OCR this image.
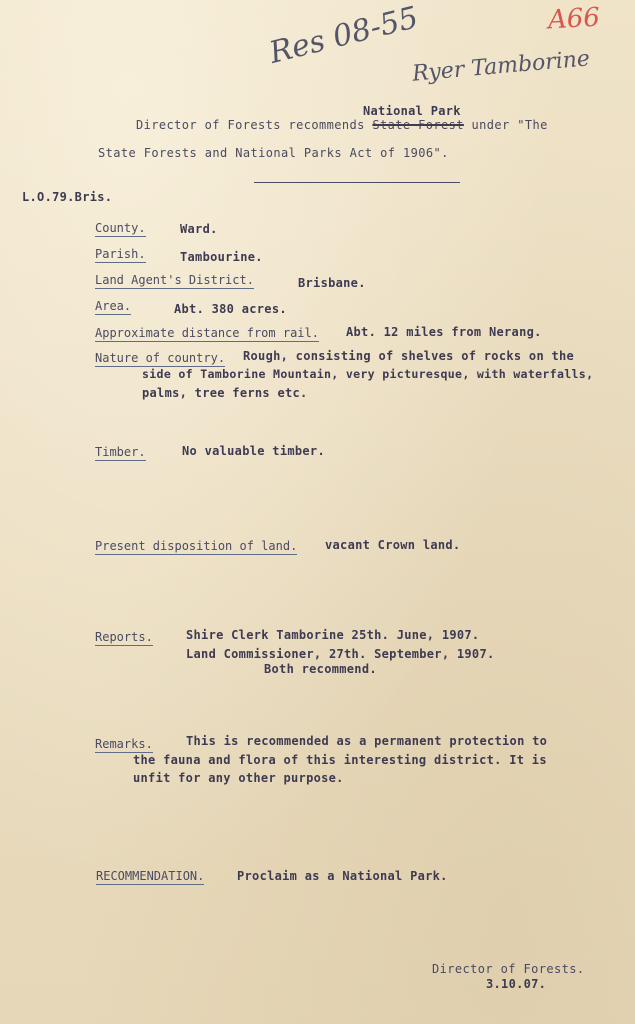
A66
Res 08-55
Ryer Tamborine
National Park
Director of Forests recommends State Forest under "The
State Forests and National Parks Act of 1906".
L.O.79.Bris.
County.	Ward.
Parish.	Tambourine.
Land Agent's District.	Brisbane.
Area.	Abt. 380 acres.
Approximate distance from rail. Abt. 12 miles from Nerang.
Nature of country. Rough, consisting of shelves of rocks on the
side of Tamborine Mountain, very picturesque, with waterfalls,
palms, tree ferns etc.
Timber.	No valuable timber.
Present disposition of land. vacant Crown land.
Reports.	Shire Clerk Tamborine 25th. June, 1907.
Land Commissioner, 27th. September, 1907.
Both recommend.
Remarks.	This is recommended as a permanent protection to
the fauna and flora of this interesting district. It is
unfit for any other purpose.
RECOMMENDATION.	Proclaim as a National Park.
Director of Forests.
3.10.07.
